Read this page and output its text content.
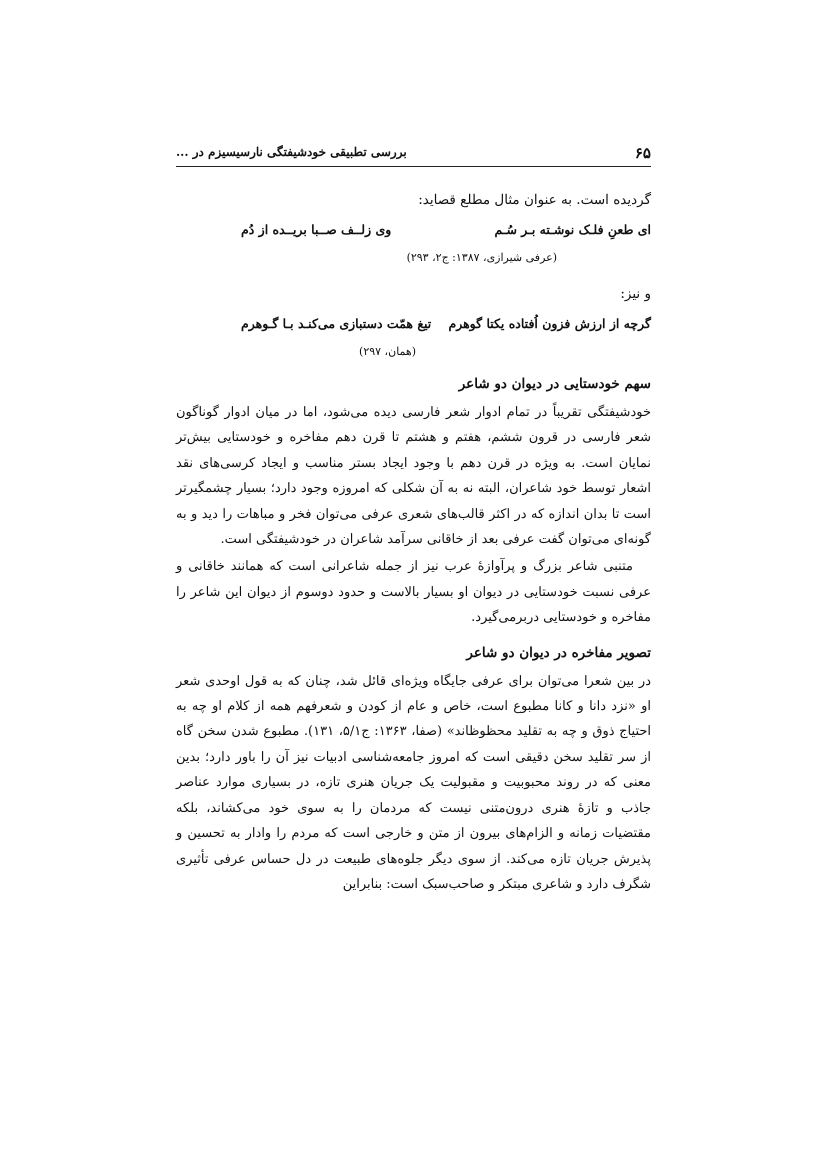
۶۵
بررسی تطبیقی خودشیفتگی نارسیسیزم در ...

گردیده است. به عنوان مثال مطلع قصاید:

ای طعنِ فلـک نوشـته بـر سُـم
وی زلــف صــبا بریــده از دُم

(عرفی شیرازی، ۱۳۸۷: ج۲، ۲۹۳)

و نیز:

گرچه از ارزش فزون اُفتاده یکتا گوهرم
تیغ همّت دستبازی می‌کنـد بـا گـوهرم

(همان، ۲۹۷)

سهم خودستایی در دیوان دو شاعر

خودشیفتگی تقریباً در تمام ادوار شعر فارسی دیده می‌شود، اما در میان ادوار گوناگون شعر فارسی در قرون ششم، هفتم و هشتم تا قرن دهم مفاخره و خودستایی بیش‌تر نمایان است. به ویژه در قرن دهم با وجود ایجاد بستر مناسب و ایجاد کرسی‌های نقد اشعار توسط خود شاعران، البته نه به آن شکلی که امروزه وجود دارد؛ بسیار چشمگیرتر است تا بدان اندازه که در اکثر قالب‌های شعری عرفی می‌توان فخر و مباهات را دید و به گونه‌ای می‌توان گفت عرفی بعد از خاقانی سرآمد شاعران در خودشیفتگی است.

متنبی شاعر بزرگ و پرآوازهٔ عرب نیز از جمله شاعرانی است که همانند خاقانی و عرفی نسبت خودستایی در دیوان او بسیار بالاست و حدود دوسوم از دیوان این شاعر را مفاخره و خودستایی دربرمی‌گیرد.

تصویر مفاخره در دیوان دو شاعر

در بین شعرا می‌توان برای عرفی جایگاه ویژه‌ای قائل شد، چنان که به قول اوحدی شعر او «نزد دانا و کانا مطبوع است، خاص و عام از کودن و شعرفهم همه از کلام او چه به احتیاج ذوق و چه به تقلید محظوظاند» (صفا، ۱۳۶۳: ج۵/۱، ۱۳۱). مطبوع شدن سخن گاه از سر تقلید سخن دقیقی است که امروز جامعه‌شناسی ادبیات نیز آن را باور دارد؛ بدین معنی که در روند محبوبیت و مقبولیت یک جریان هنری تازه، در بسیاری موارد عناصر جاذب و تازهٔ هنری درون‌متنی نیست که مردمان را به سوی خود می‌کشاند، بلکه مقتضیات زمانه و الزام‌های بیرون از متن و خارجی است که مردم را وادار به تحسین و پذیرش جریان تازه می‌کند. از سوی دیگر جلوه‌های طبیعت در دل حساس عرفی تأثیری شگرف دارد و شاعری مبتکر و صاحب‌سبک است: بنابراین
